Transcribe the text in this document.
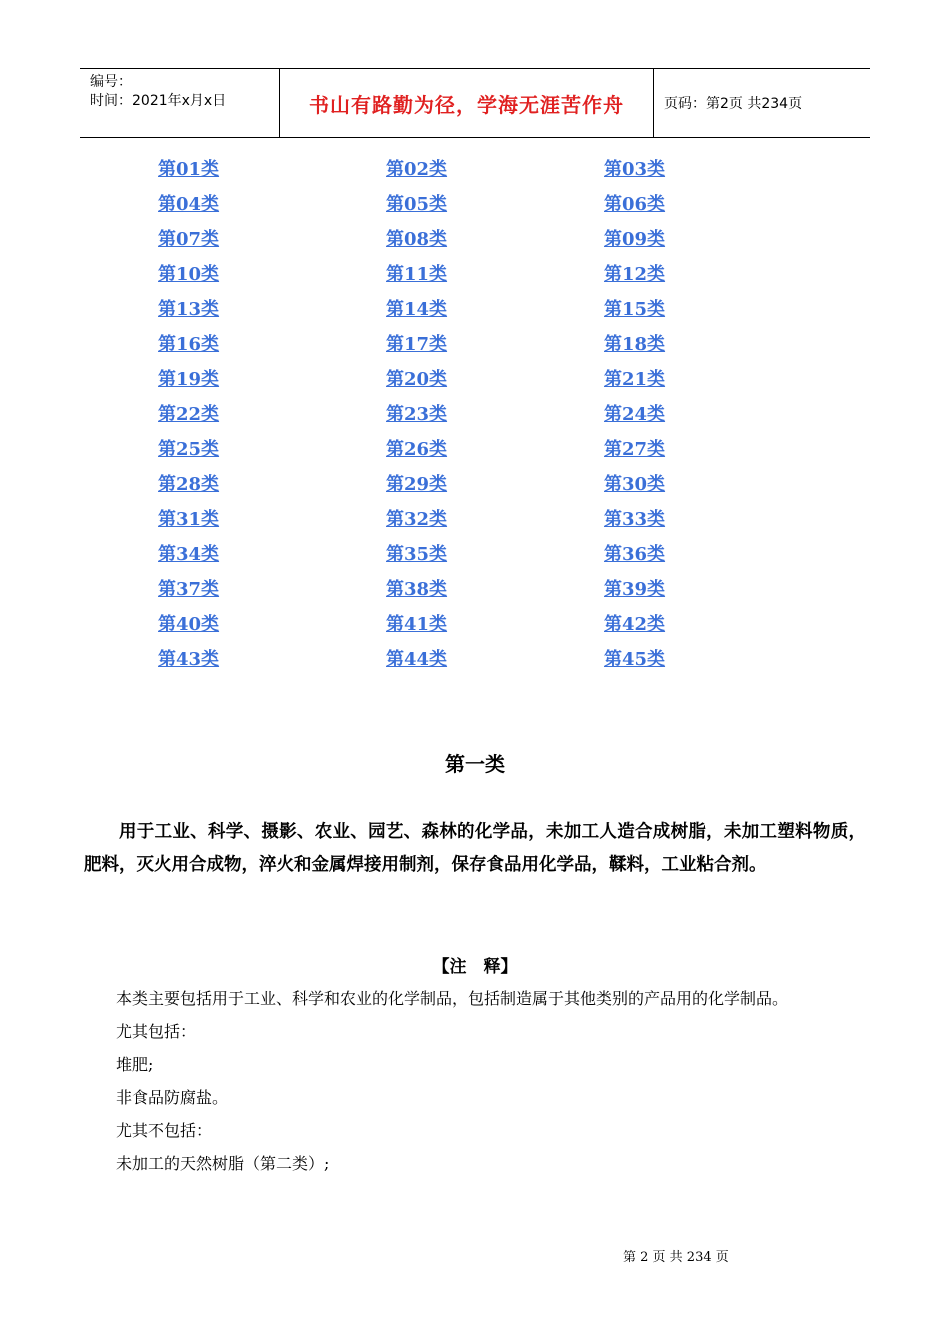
编号：
时间：2021年x月x日	书山有路勤为径，学海无涯苦作舟	页码：第2页 共234页
第01类	第02类	第03类
第04类	第05类	第06类
第07类	第08类	第09类
第10类	第11类	第12类
第13类	第14类	第15类
第16类	第17类	第18类
第19类	第20类	第21类
第22类	第23类	第24类
第25类	第26类	第27类
第28类	第29类	第30类
第31类	第32类	第33类
第34类	第35类	第36类
第37类	第38类	第39类
第40类	第41类	第42类
第43类	第44类	第45类
第一类

用于工业、科学、摄影、农业、园艺、森林的化学品，未加工人造合成树脂，未加工塑料物质，肥料，灭火用合成物，淬火和金属焊接用制剂，保存食品用化学品，鞣料，工业粘合剂。

【注　释】

本类主要包括用于工业、科学和农业的化学制品，包括制造属于其他类别的产品用的化学制品。

尤其包括：

堆肥;

非食品防腐盐。

尤其不包括：

未加工的天然树脂（第二类）;

第 2 页 共 234 页
